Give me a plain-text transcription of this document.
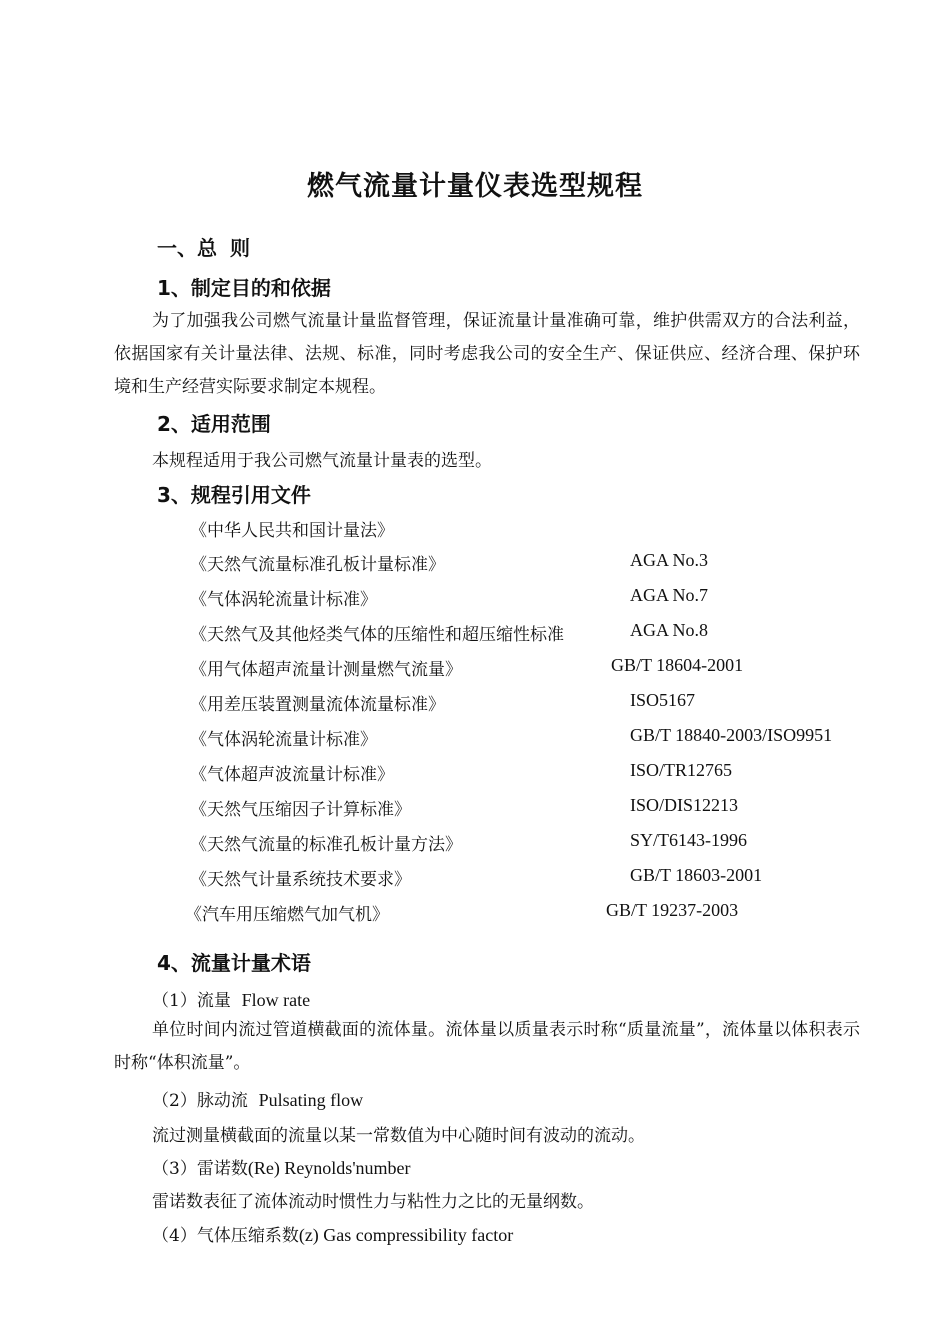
燃气流量计量仪表选型规程
一、总 则
1、制定目的和依据
为了加强我公司燃气流量计量监督管理，保证流量计量准确可靠，维护供需双方的合法利益，依据国家有关计量法律、法规、标准，同时考虑我公司的安全生产、保证供应、经济合理、保护环境和生产经营实际要求制定本规程。
2、适用范围
本规程适用于我公司燃气流量计量表的选型。
3、规程引用文件
《中华人民共和国计量法》
《天然气流量标准孔板计量标准》	AGA No.3
《气体涡轮流量计标准》	AGA No.7
《天然气及其他烃类气体的压缩性和超压缩性标准	AGA No.8
《用气体超声流量计测量燃气流量》	GB/T 18604-2001
《用差压装置测量流体流量标准》	ISO5167
《气体涡轮流量计标准》	GB/T 18840-2003/ISO9951
《气体超声波流量计标准》	ISO/TR12765
《天然气压缩因子计算标准》	ISO/DIS12213
《天然气流量的标准孔板计量方法》	SY/T6143-1996
《天然气计量系统技术要求》	GB/T 18603-2001
《汽车用压缩燃气加气机》	GB/T 19237-2003
4、流量计量术语
（1）流量 Flow rate
单位时间内流过管道横截面的流体量。流体量以质量表示时称“质量流量”，流体量以体积表示时称“体积流量”。
（2）脉动流 Pulsating flow
流过测量横截面的流量以某一常数值为中心随时间有波动的流动。
（3）雷诺数(Re) Reynolds'number
雷诺数表征了流体流动时惯性力与粘性力之比的无量纲数。
（4）气体压缩系数(z) Gas compressibility factor
